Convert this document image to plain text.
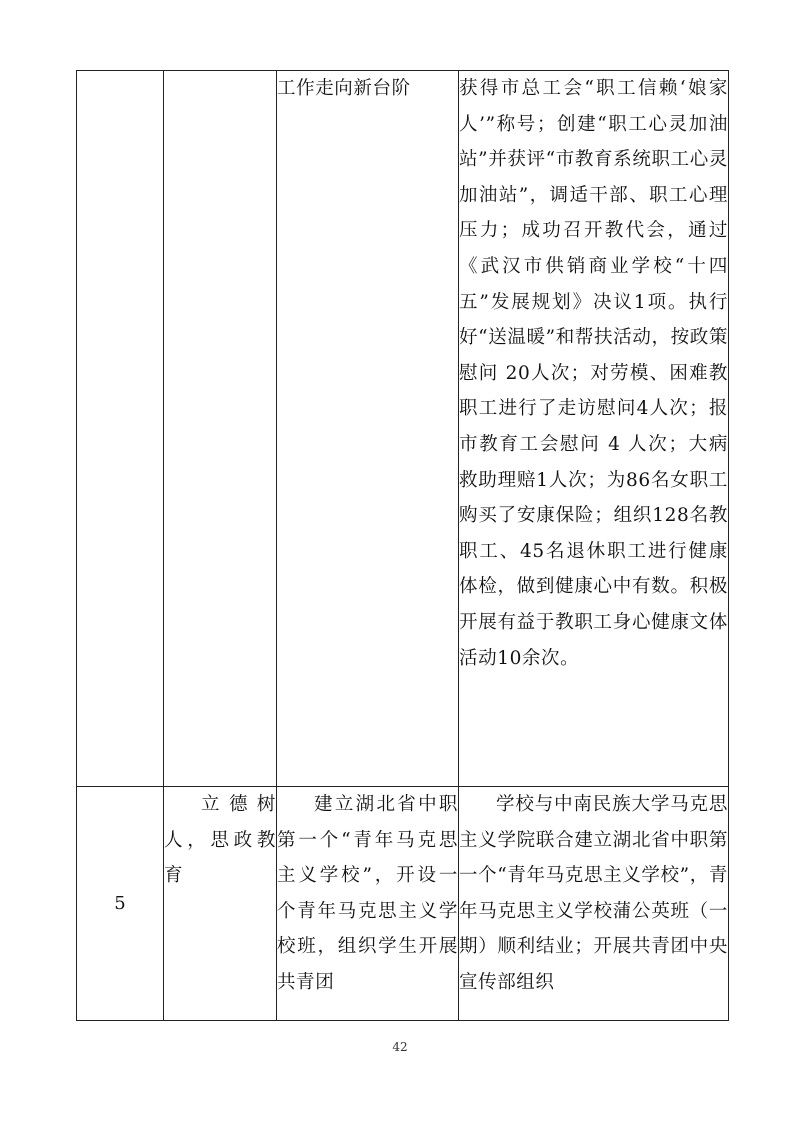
		工作走向新台阶	获得市总工会“职工信赖‘娘家人’”称号；创建“职工心灵加油站”并获评“市教育系统职工心灵加油站”，调适干部、职工心理压力；成功召开教代会，通过《武汉市供销商业学校“十四五”发展规划》决议1项。执行好“送温暖”和帮扶活动，按政策慰问 20人次；对劳模、困难教职工进行了走访慰问4人次；报市教育工会慰问 4 人次；大病救助理赔1人次；为86名女职工购买了安康保险；组织128名教职工、45名退休职工进行健康体检，做到健康心中有数。积极开展有益于教职工身心健康文体活动10余次。

5	立德树人，思政教育	建立湖北省中职第一个“青年马克思主义学校”，开设一个青年马克思主义学校班，组织学生开展共青团	学校与中南民族大学马克思主义学院联合建立湖北省中职第一个“青年马克思主义学校”，青年马克思主义学校蒲公英班（一期）顺利结业；开展共青团中央宣传部组织
42
